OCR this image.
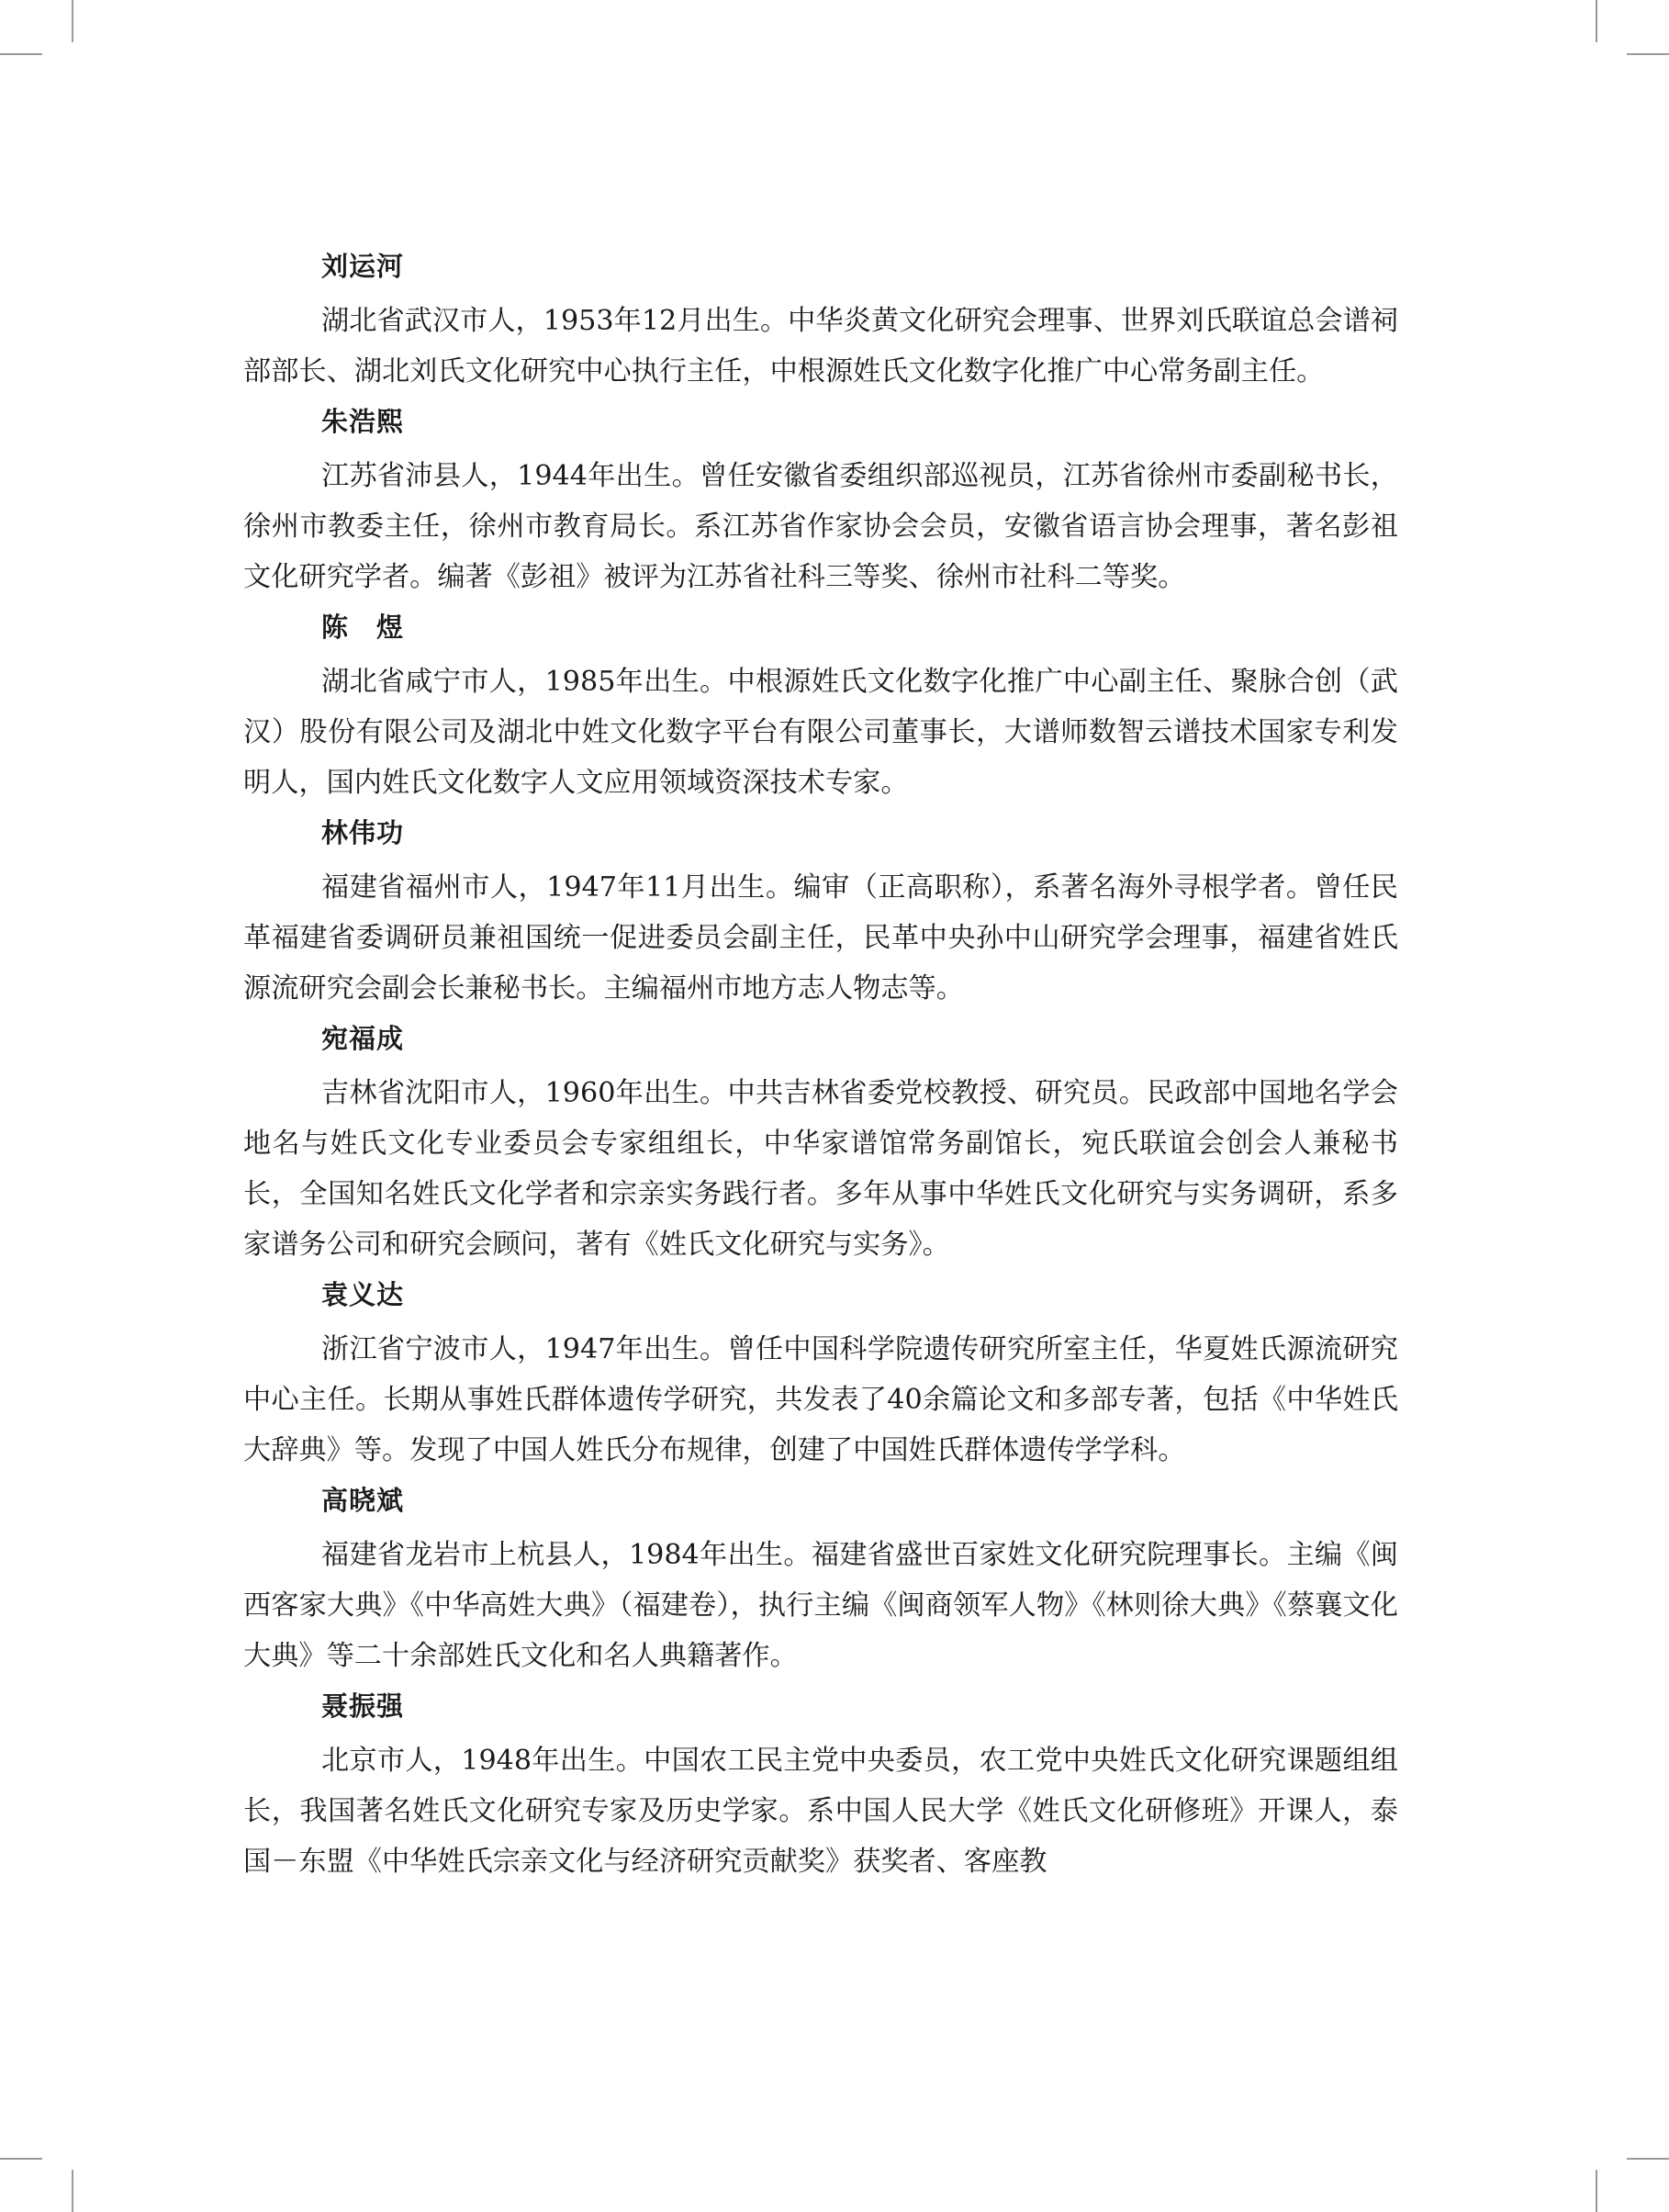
刘运河

湖北省武汉市人，1953年12月出生。中华炎黄文化研究会理事、世界刘氏联谊总会谱祠部部长、湖北刘氏文化研究中心执行主任，中根源姓氏文化数字化推广中心常务副主任。

朱浩熙

江苏省沛县人，1944年出生。曾任安徽省委组织部巡视员，江苏省徐州市委副秘书长，徐州市教委主任，徐州市教育局长。系江苏省作家协会会员，安徽省语言协会理事，著名彭祖文化研究学者。编著《彭祖》被评为江苏省社科三等奖、徐州市社科二等奖。

陈　煜

湖北省咸宁市人，1985年出生。中根源姓氏文化数字化推广中心副主任、聚脉合创（武汉）股份有限公司及湖北中姓文化数字平台有限公司董事长，大谱师数智云谱技术国家专利发明人，国内姓氏文化数字人文应用领域资深技术专家。

林伟功

福建省福州市人，1947年11月出生。编审（正高职称），系著名海外寻根学者。曾任民革福建省委调研员兼祖国统一促进委员会副主任，民革中央孙中山研究学会理事，福建省姓氏源流研究会副会长兼秘书长。主编福州市地方志人物志等。

宛福成

吉林省沈阳市人，1960年出生。中共吉林省委党校教授、研究员。民政部中国地名学会地名与姓氏文化专业委员会专家组组长，中华家谱馆常务副馆长，宛氏联谊会创会人兼秘书长，全国知名姓氏文化学者和宗亲实务践行者。多年从事中华姓氏文化研究与实务调研，系多家谱务公司和研究会顾问，著有《姓氏文化研究与实务》。

袁义达

浙江省宁波市人，1947年出生。曾任中国科学院遗传研究所室主任，华夏姓氏源流研究中心主任。长期从事姓氏群体遗传学研究，共发表了40余篇论文和多部专著，包括《中华姓氏大辞典》等。发现了中国人姓氏分布规律，创建了中国姓氏群体遗传学学科。

高晓斌

福建省龙岩市上杭县人，1984年出生。福建省盛世百家姓文化研究院理事长。主编《闽西客家大典》《中华高姓大典》（福建卷），执行主编《闽商领军人物》《林则徐大典》《蔡襄文化大典》等二十余部姓氏文化和名人典籍著作。

聂振强

北京市人，1948年出生。中国农工民主党中央委员，农工党中央姓氏文化研究课题组组长，我国著名姓氏文化研究专家及历史学家。系中国人民大学《姓氏文化研修班》开课人，泰国－东盟《中华姓氏宗亲文化与经济研究贡献奖》获奖者、客座教
